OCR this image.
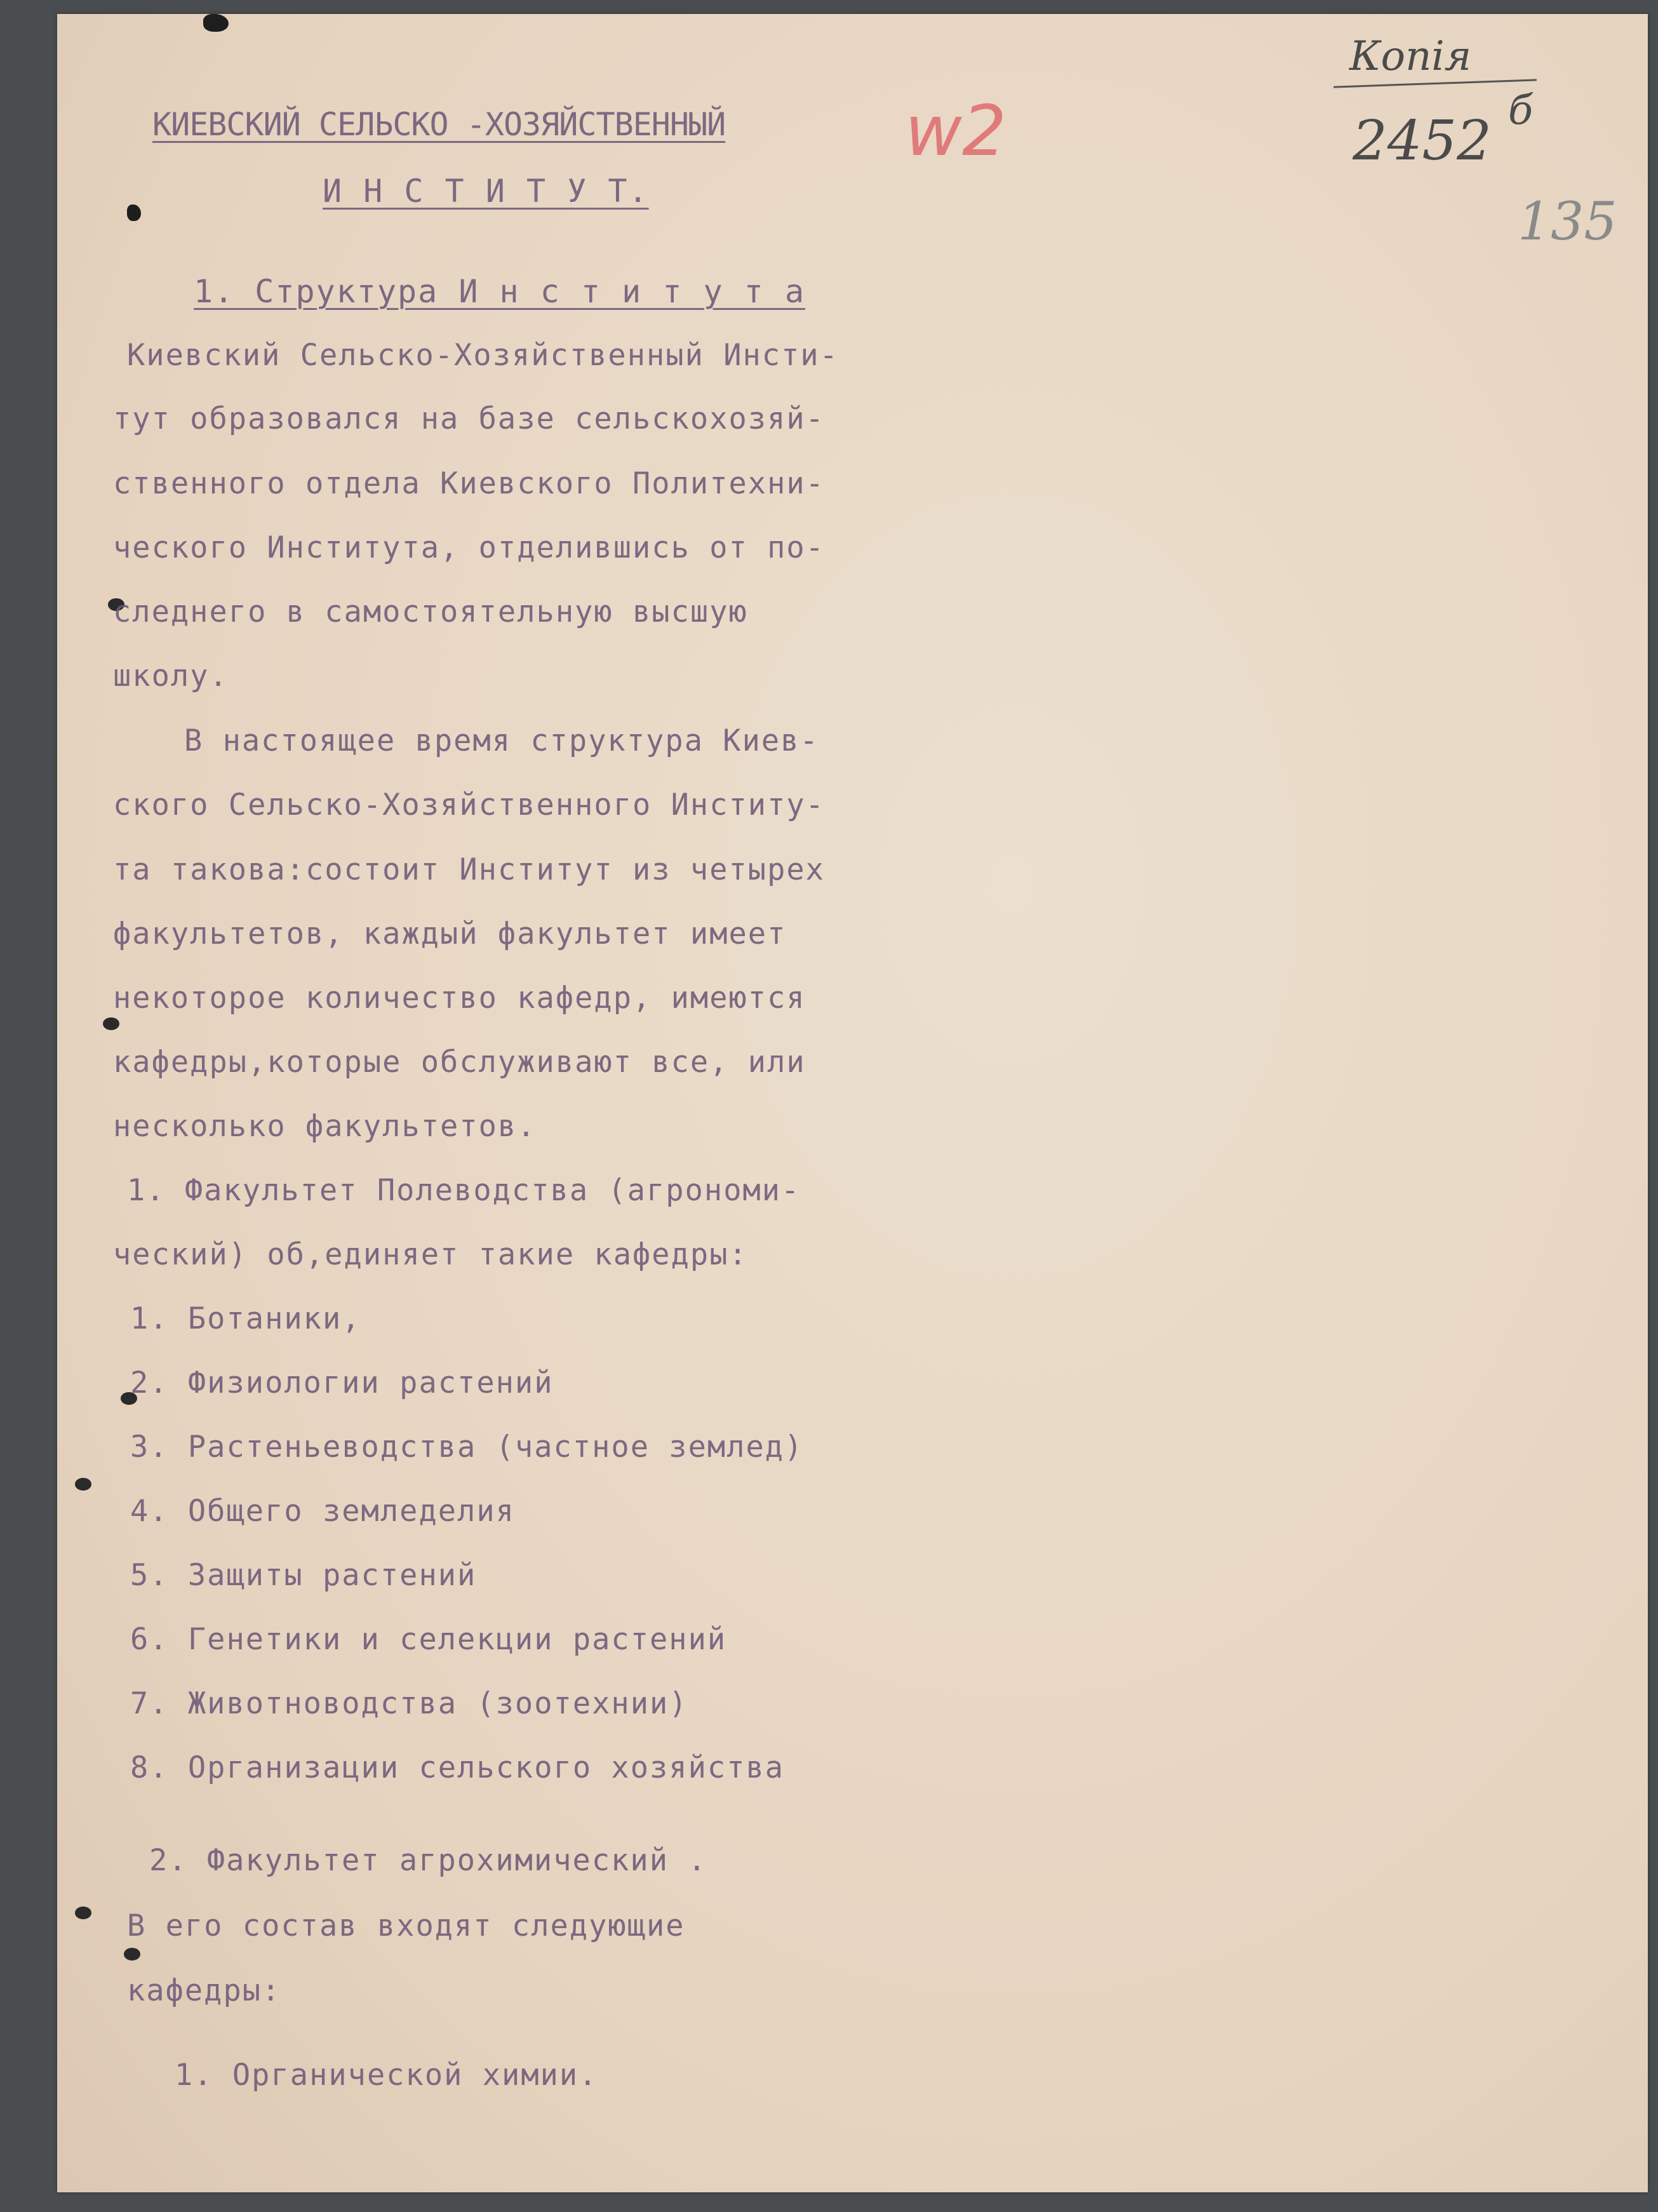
Копія
2452 б
135
w2
КИЕВСКИЙ СЕЛЬСКО -ХОЗЯЙСТВЕННЫЙ
И Н С Т И Т У Т.
1. Структура И н с т и т у т а
Киевский Сельско-Хозяйственный Инсти-
тут образовался на базе сельскохозяй-
ственного отдела Киевского Политехни-
ческого Института, отделившись от по-
следнего в самостоятельную высшую
школу.
В настоящее время структура Киев-
ского Сельско-Хозяйственного Институ-
та такова:состоит Институт из четырех
факультетов, каждый факультет имеет
некоторое количество кафедр, имеются
кафедры,которые обслуживают все, или
несколько факультетов.
1. Факультет Полеводства (агрономи-
ческий) об,единяет такие кафедры:
1. Ботаники,
2. Физиологии растений
3. Растеньеводства (частное землед)
4. Общего земледелия
5. Защиты растений
6. Генетики и селекции растений
7. Животноводства (зоотехнии)
8. Организации сельского хозяйства
2. Факультет агрохимический .
В его состав входят следующие
кафедры:
1. Органической химии.
